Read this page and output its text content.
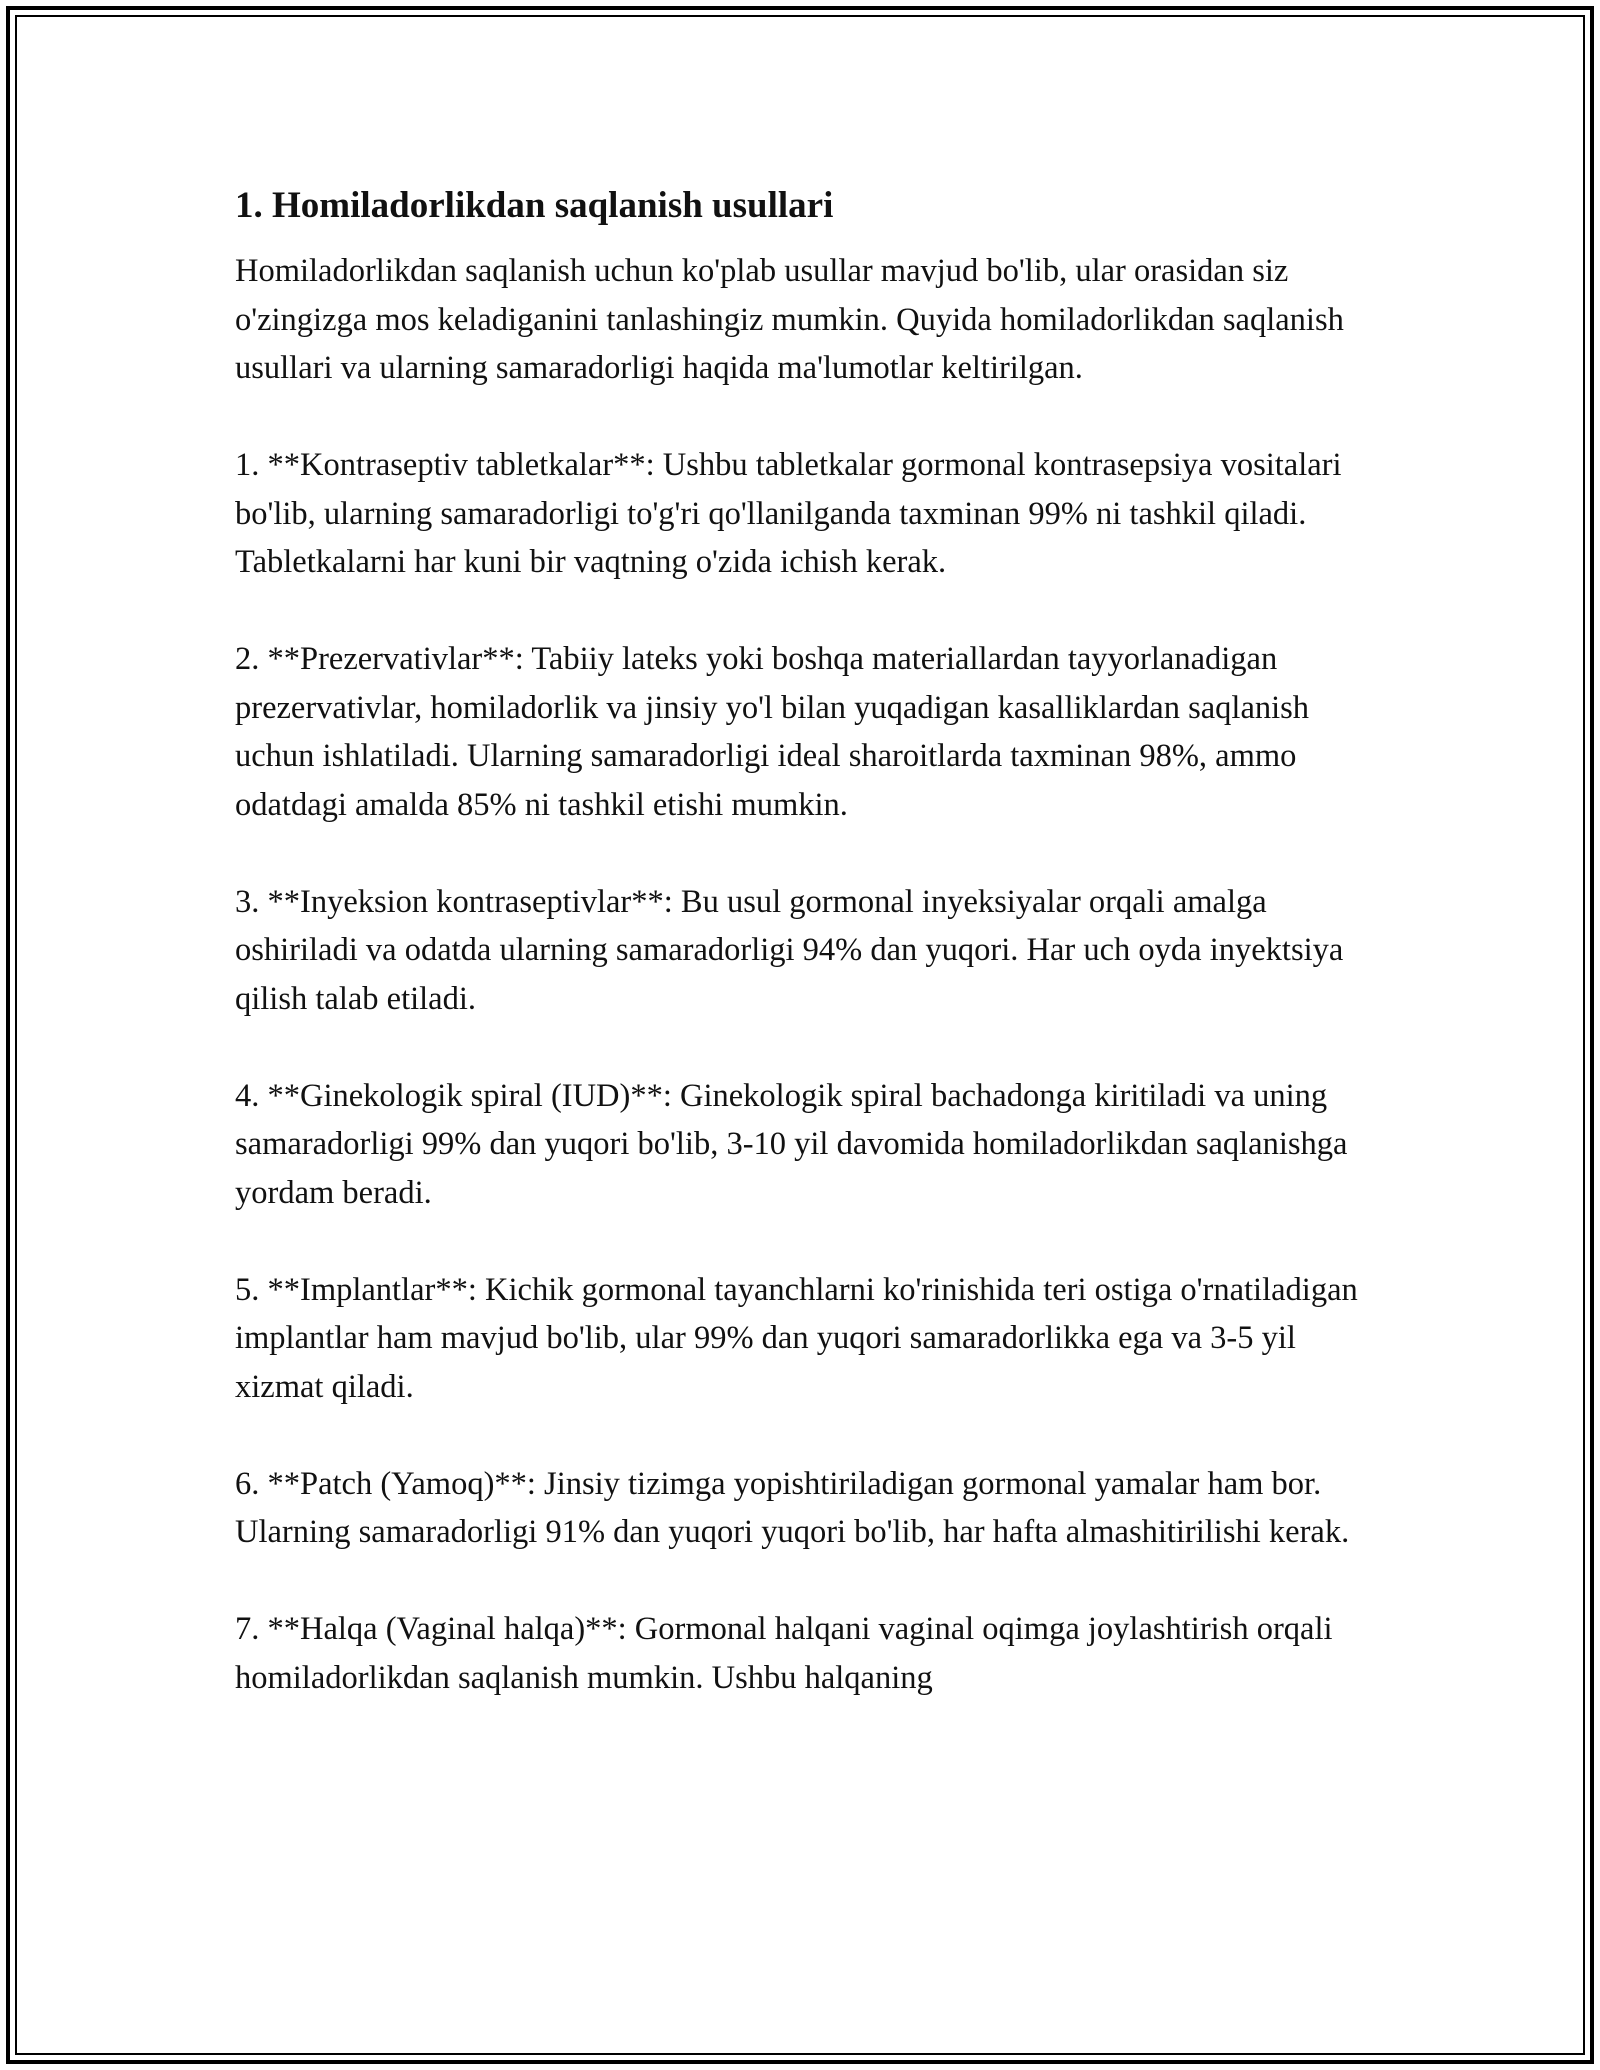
1. Homiladorlikdan saqlanish usullari

Homiladorlikdan saqlanish uchun ko'plab usullar mavjud bo'lib, ular orasidan siz o'zingizga mos keladiganini tanlashingiz mumkin. Quyida homiladorlikdan saqlanish usullari va ularning samaradorligi haqida ma'lumotlar keltirilgan.

1. **Kontraseptiv tabletkalar**: Ushbu tabletkalar gormonal kontrasepsiya vositalari bo'lib, ularning samaradorligi to'g'ri qo'llanilganda taxminan 99% ni tashkil qiladi. Tabletkalarni har kuni bir vaqtning o'zida ichish kerak.

2. **Prezervativlar**: Tabiiy lateks yoki boshqa materiallardan tayyorlanadigan prezervativlar, homiladorlik va jinsiy yo'l bilan yuqadigan kasalliklardan saqlanish uchun ishlatiladi. Ularning samaradorligi ideal sharoitlarda taxminan 98%, ammo odatdagi amalda 85% ni tashkil etishi mumkin.

3. **Inyeksion kontraseptivlar**: Bu usul gormonal inyeksiyalar orqali amalga oshiriladi va odatda ularning samaradorligi 94% dan yuqori. Har uch oyda inyektsiya qilish talab etiladi.

4. **Ginekologik spiral (IUD)**: Ginekologik spiral bachadonga kiritiladi va uning samaradorligi 99% dan yuqori bo'lib, 3-10 yil davomida homiladorlikdan saqlanishga yordam beradi.

5. **Implantlar**: Kichik gormonal tayanchlarni ko'rinishida teri ostiga o'rnatiladigan implantlar ham mavjud bo'lib, ular 99% dan yuqori samaradorlikka ega va 3-5 yil xizmat qiladi.

6. **Patch (Yamoq)**: Jinsiy tizimga yopishtiriladigan gormonal yamalar ham bor. Ularning samaradorligi 91% dan yuqori yuqori bo'lib, har hafta almashitirilishi kerak.

7. **Halqa (Vaginal halqa)**: Gormonal halqani vaginal oqimga joylashtirish orqali homiladorlikdan saqlanish mumkin. Ushbu halqaning
